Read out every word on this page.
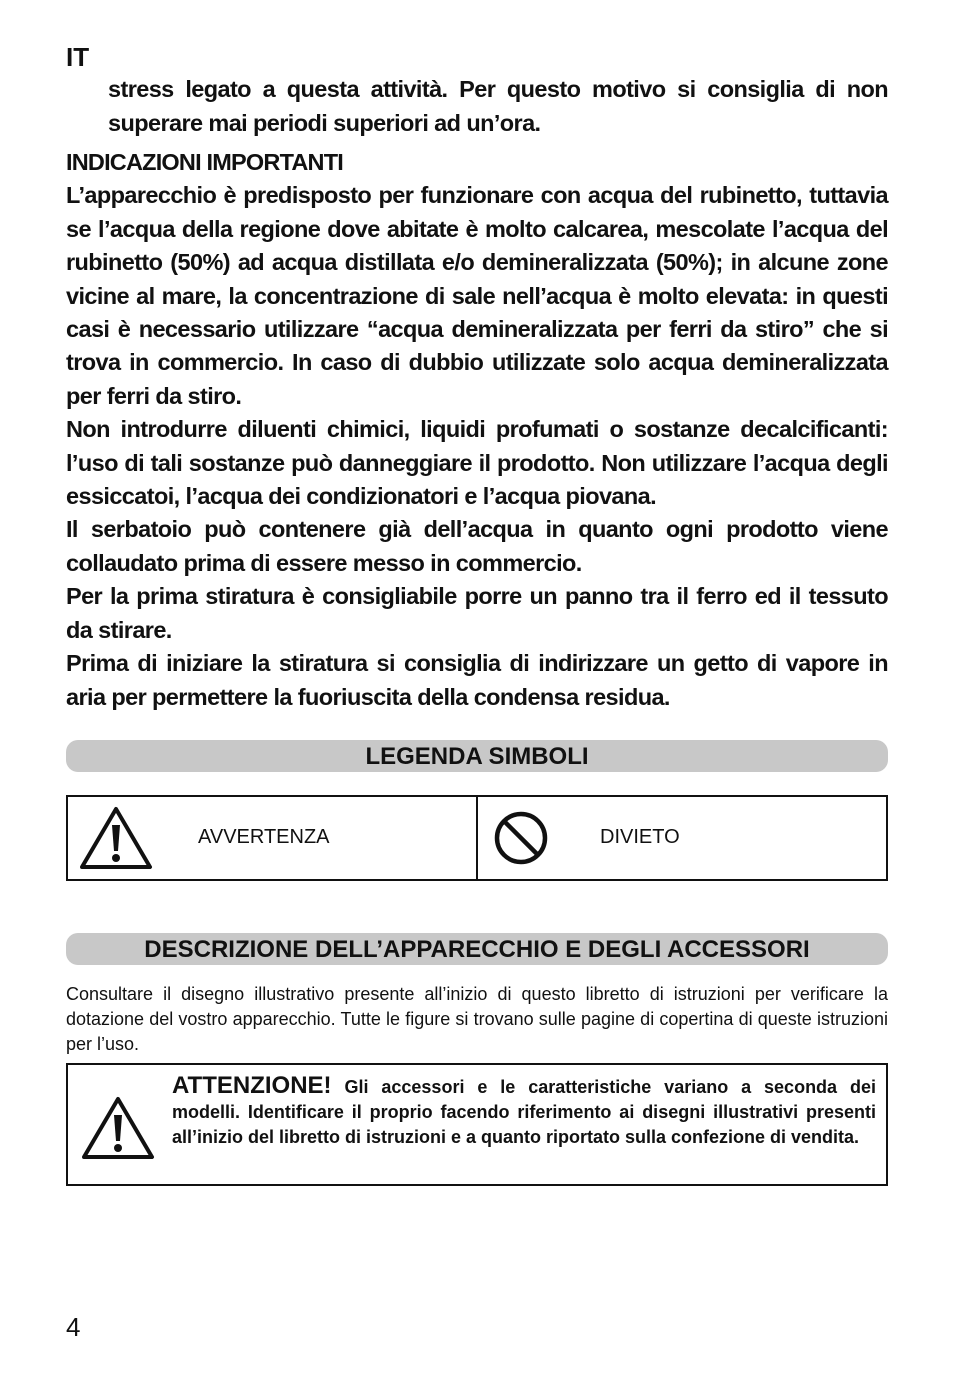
IT

stress legato a questa attività. Per questo motivo si consiglia di non superare mai periodi superiori ad un’ora.

INDICAZIONI IMPORTANTI

L’apparecchio è predisposto per funzionare con acqua del rubinetto, tuttavia se l’acqua della regione dove abitate è molto calcarea, mescolate l’acqua del rubinetto (50%) ad acqua distillata e/o demineralizzata (50%); in alcune zone vicine al mare, la concentrazione di sale nell’acqua è molto elevata: in questi casi è necessario utilizzare “acqua demineralizzata per ferri da stiro” che si trova in commercio. In caso di dubbio utilizzate solo acqua demineralizzata per ferri da stiro.

Non introdurre diluenti chimici, liquidi profumati o sostanze decalcificanti: l’uso di tali sostanze può danneggiare il prodotto. Non utilizzare l’acqua degli essiccatoi, l’acqua dei condizionatori e l’acqua piovana.

Il serbatoio può contenere già dell’acqua in quanto ogni prodotto viene collaudato prima di essere messo in commercio.

Per la prima stiratura è consigliabile porre un panno tra il ferro ed il tessuto da stirare.

Prima di iniziare la stiratura si consiglia di indirizzare un getto di vapore in aria per permettere la fuoriuscita della condensa residua.

LEGENDA SIMBOLI
AVVERTENZA	DIVIETO
DESCRIZIONE DELL’APPARECCHIO E DEGLI ACCESSORI

Consultare il disegno illustrativo presente all’inizio di questo libretto di istruzioni per verificare la dotazione del vostro apparecchio. Tutte le figure si trovano sulle pagine di copertina di queste istruzioni per l’uso.

ATTENZIONE! Gli accessori e le caratteristiche variano a seconda dei modelli. Identificare il proprio facendo riferimento ai disegni illustrativi presenti all’inizio del libretto di istruzioni e a quanto riportato sulla confezione di vendita.
4
